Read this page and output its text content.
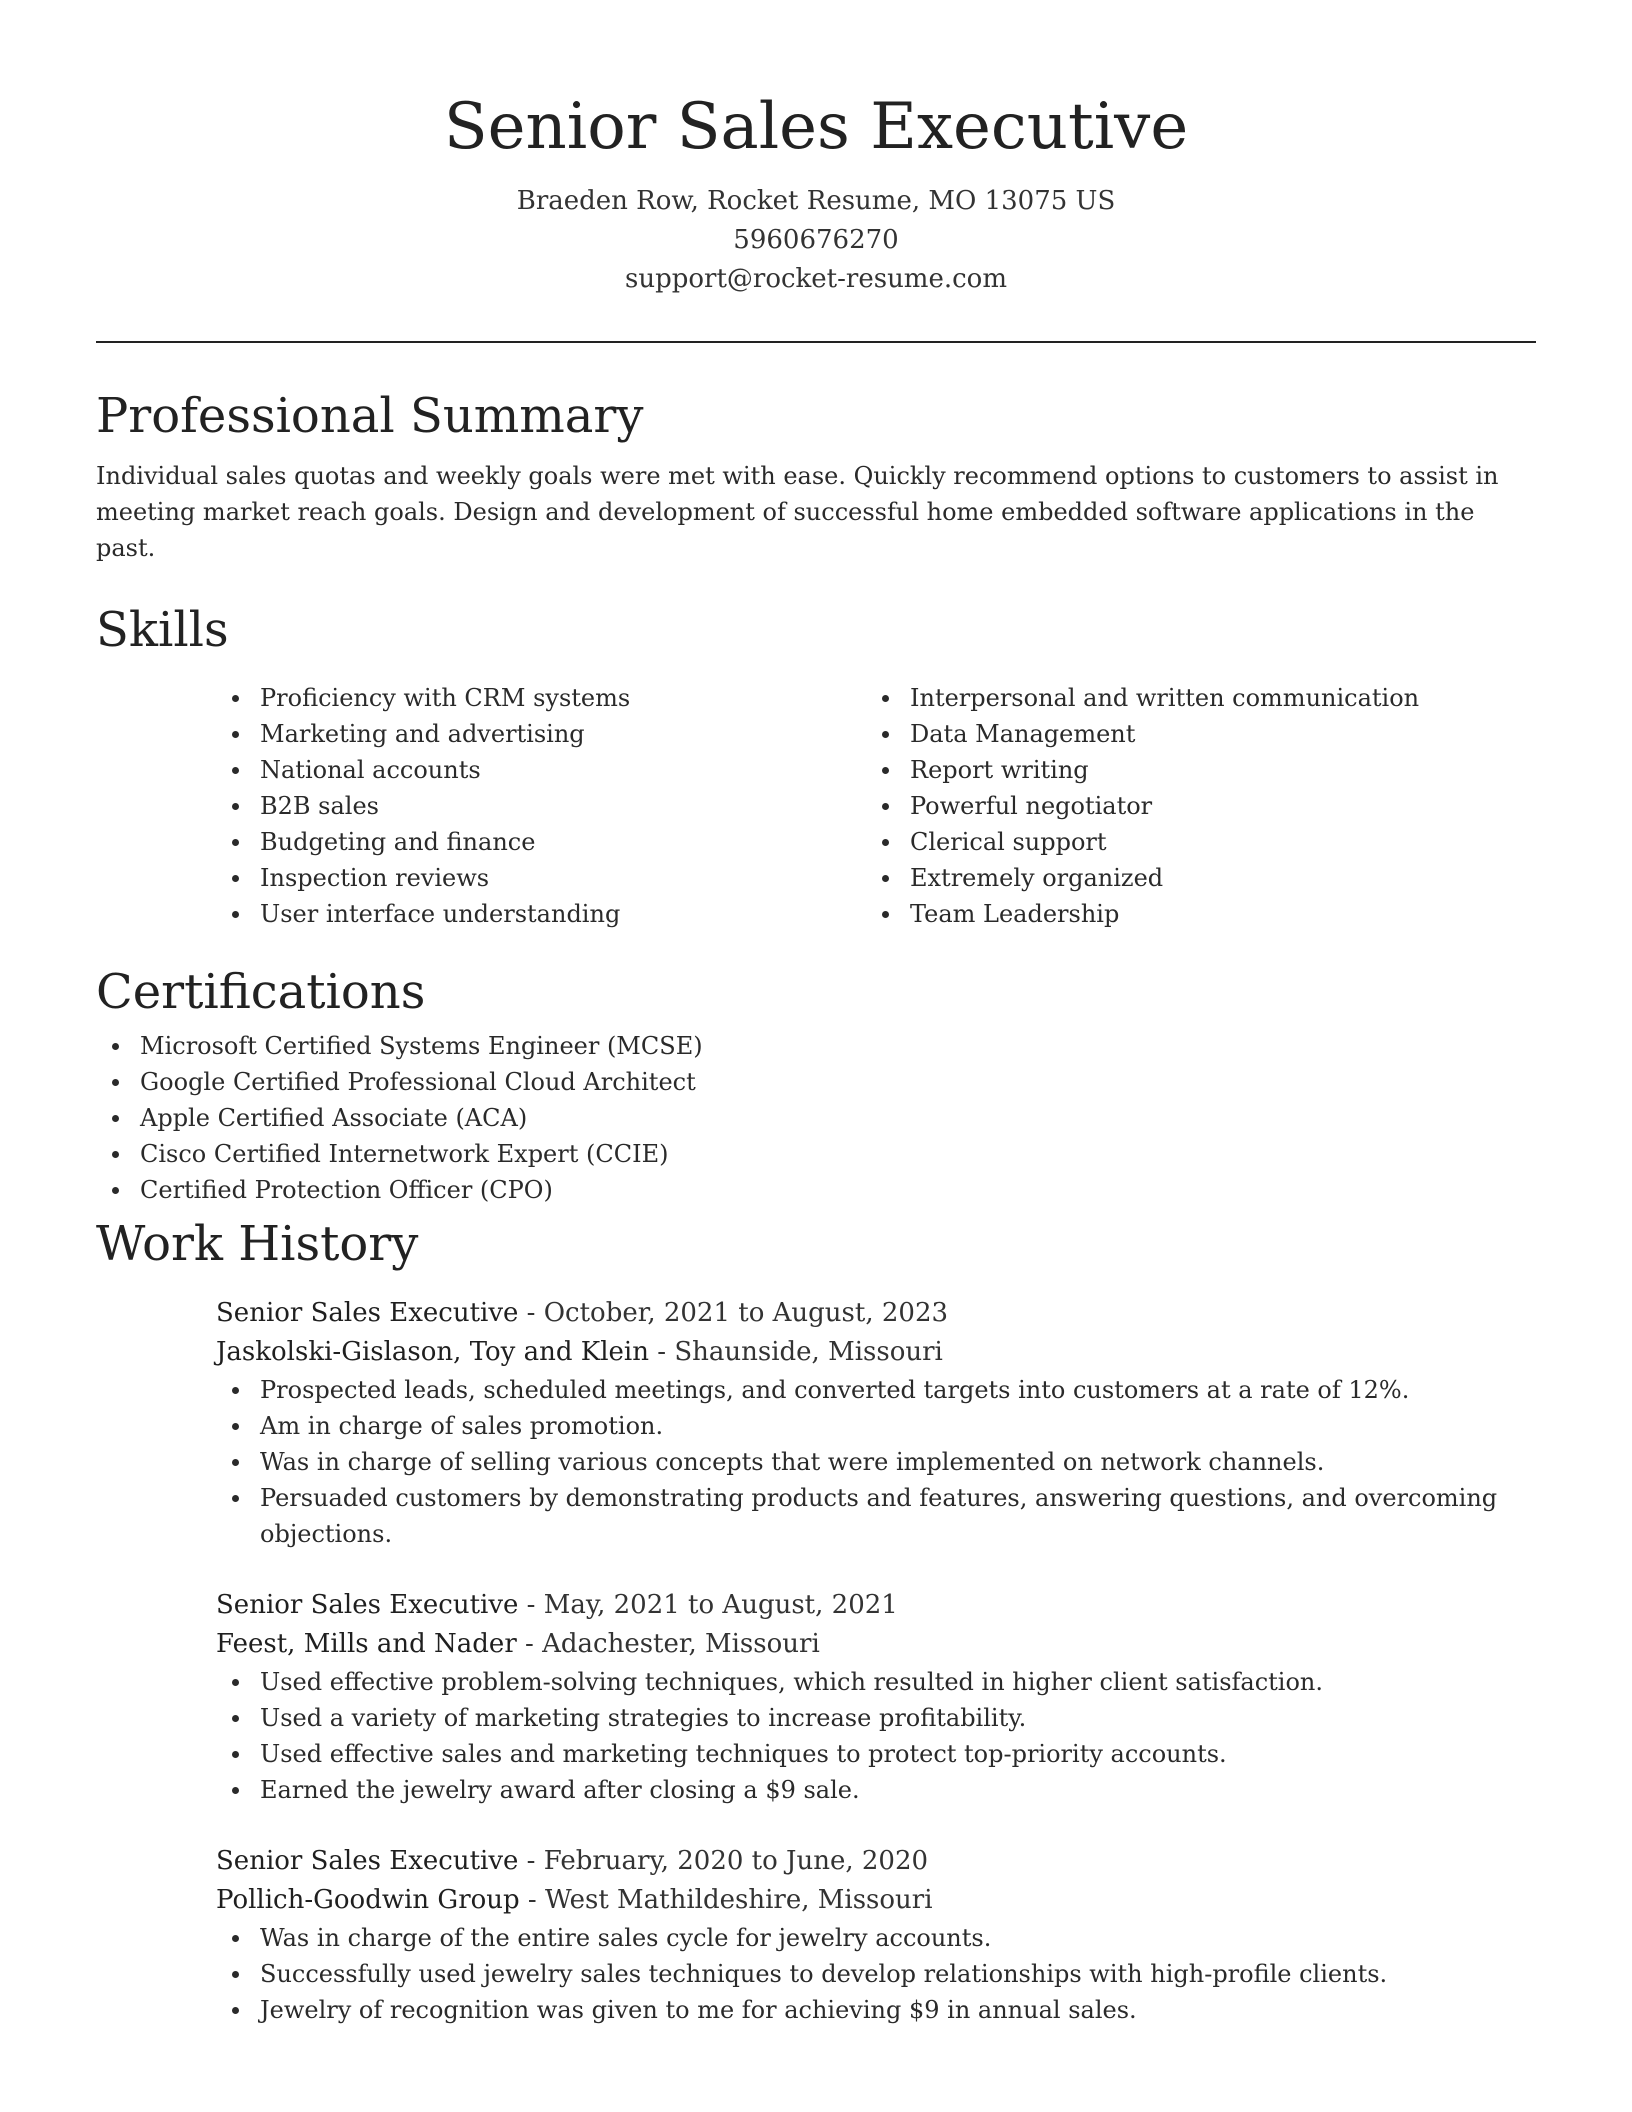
Senior Sales Executive
Braeden Row, Rocket Resume, MO 13075 US
5960676270
support@rocket-resume.com
Professional Summary

Individual sales quotas and weekly goals were met with ease. Quickly recommend options to customers to assist in meeting market reach goals. Design and development of successful home embedded software applications in the past.

Skills
Proficiency with CRM systems
Marketing and advertising
National accounts
B2B sales
Budgeting and finance
Inspection reviews
User interface understanding
Interpersonal and written communication
Data Management
Report writing
Powerful negotiator
Clerical support
Extremely organized
Team Leadership
Certifications
Microsoft Certified Systems Engineer (MCSE)
Google Certified Professional Cloud Architect
Apple Certified Associate (ACA)
Cisco Certified Internetwork Expert (CCIE)
Certified Protection Officer (CPO)
Work History
Senior Sales Executive - October, 2021 to August, 2023
Jaskolski-Gislason, Toy and Klein - Shaunside, Missouri
Prospected leads, scheduled meetings, and converted targets into customers at a rate of 12%.
Am in charge of sales promotion.
Was in charge of selling various concepts that were implemented on network channels.
Persuaded customers by demonstrating products and features, answering questions, and overcoming objections.
Senior Sales Executive - May, 2021 to August, 2021
Feest, Mills and Nader - Adachester, Missouri
Used effective problem-solving techniques, which resulted in higher client satisfaction.
Used a variety of marketing strategies to increase profitability.
Used effective sales and marketing techniques to protect top-priority accounts.
Earned the jewelry award after closing a $9 sale.
Senior Sales Executive - February, 2020 to June, 2020
Pollich-Goodwin Group - West Mathildeshire, Missouri
Was in charge of the entire sales cycle for jewelry accounts.
Successfully used jewelry sales techniques to develop relationships with high-profile clients.
Jewelry of recognition was given to me for achieving $9 in annual sales.
